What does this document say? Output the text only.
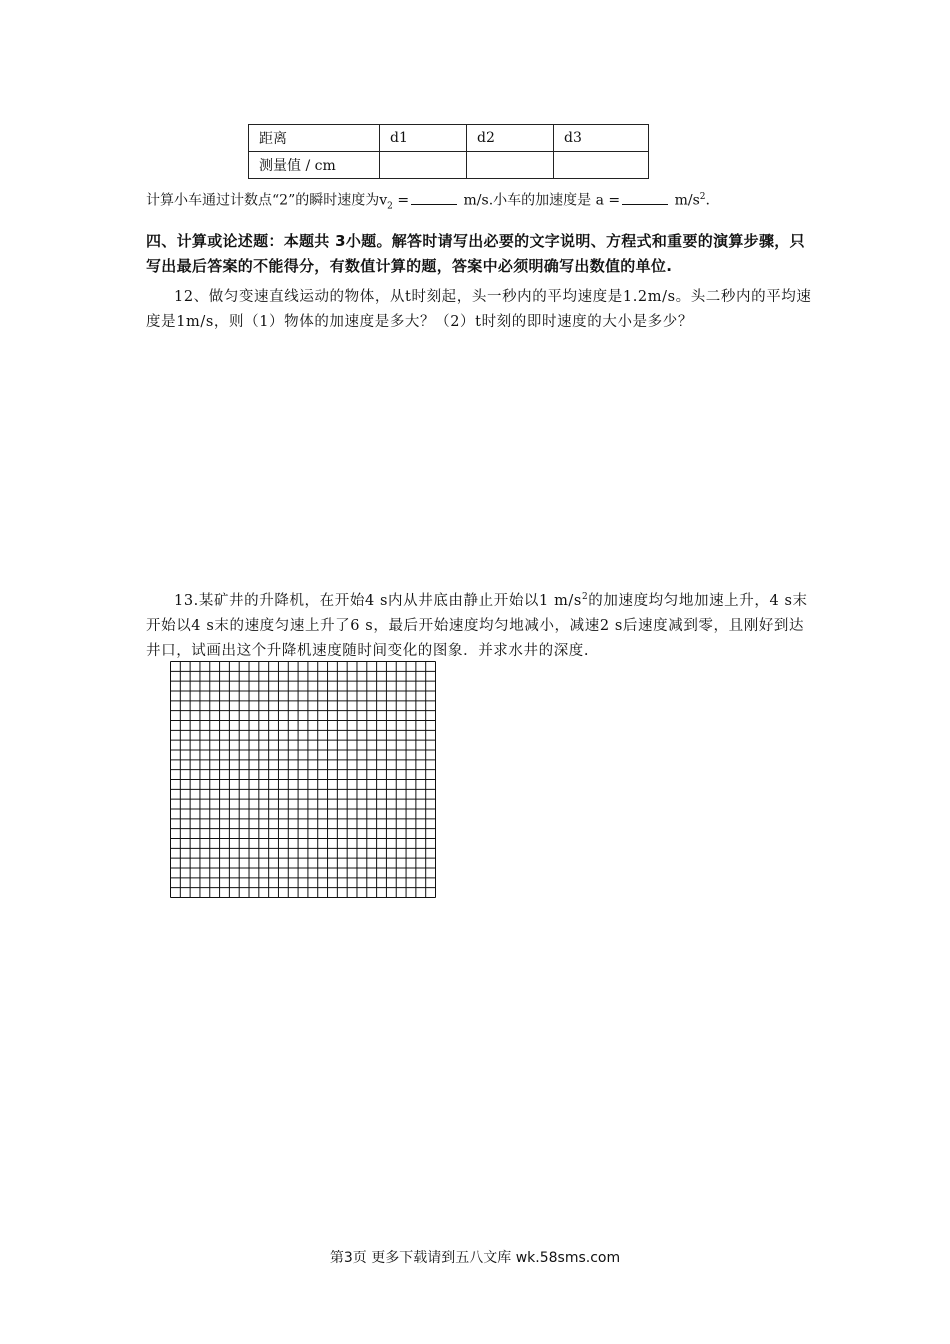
距离	d1	d2	d3
测量值 / cm			
计算小车通过计数点“2”的瞬时速度为$v_2$ =	m/s.小车的加速度是 a =	$m/s^2$.
四、计算或论述题：本题共 3小题。解答时请写出必要的文字说明、方程式和重要的演算步骤，只写出最后答案的不能得分，有数值计算的题，答案中必须明确写出数值的单位.
12、做匀变速直线运动的物体，从t时刻起，头一秒内的平均速度是1.2m/s。头二秒内的平均速度是1m/s，则（1）物体的加速度是多大？（2）t时刻的即时速度的大小是多少？
13.某矿井的升降机，在开始4 s内从井底由静止开始以1 $m/s^2$的加速度均匀地加速上升，4 s末开始以4 s末的速度匀速上升了6 s，最后开始速度均匀地减小，减速2 s后速度减到零，且刚好到达井口，试画出这个升降机速度随时间变化的图象．并求水井的深度.
第3页 更多下载请到五八文库 wk.58sms.com
